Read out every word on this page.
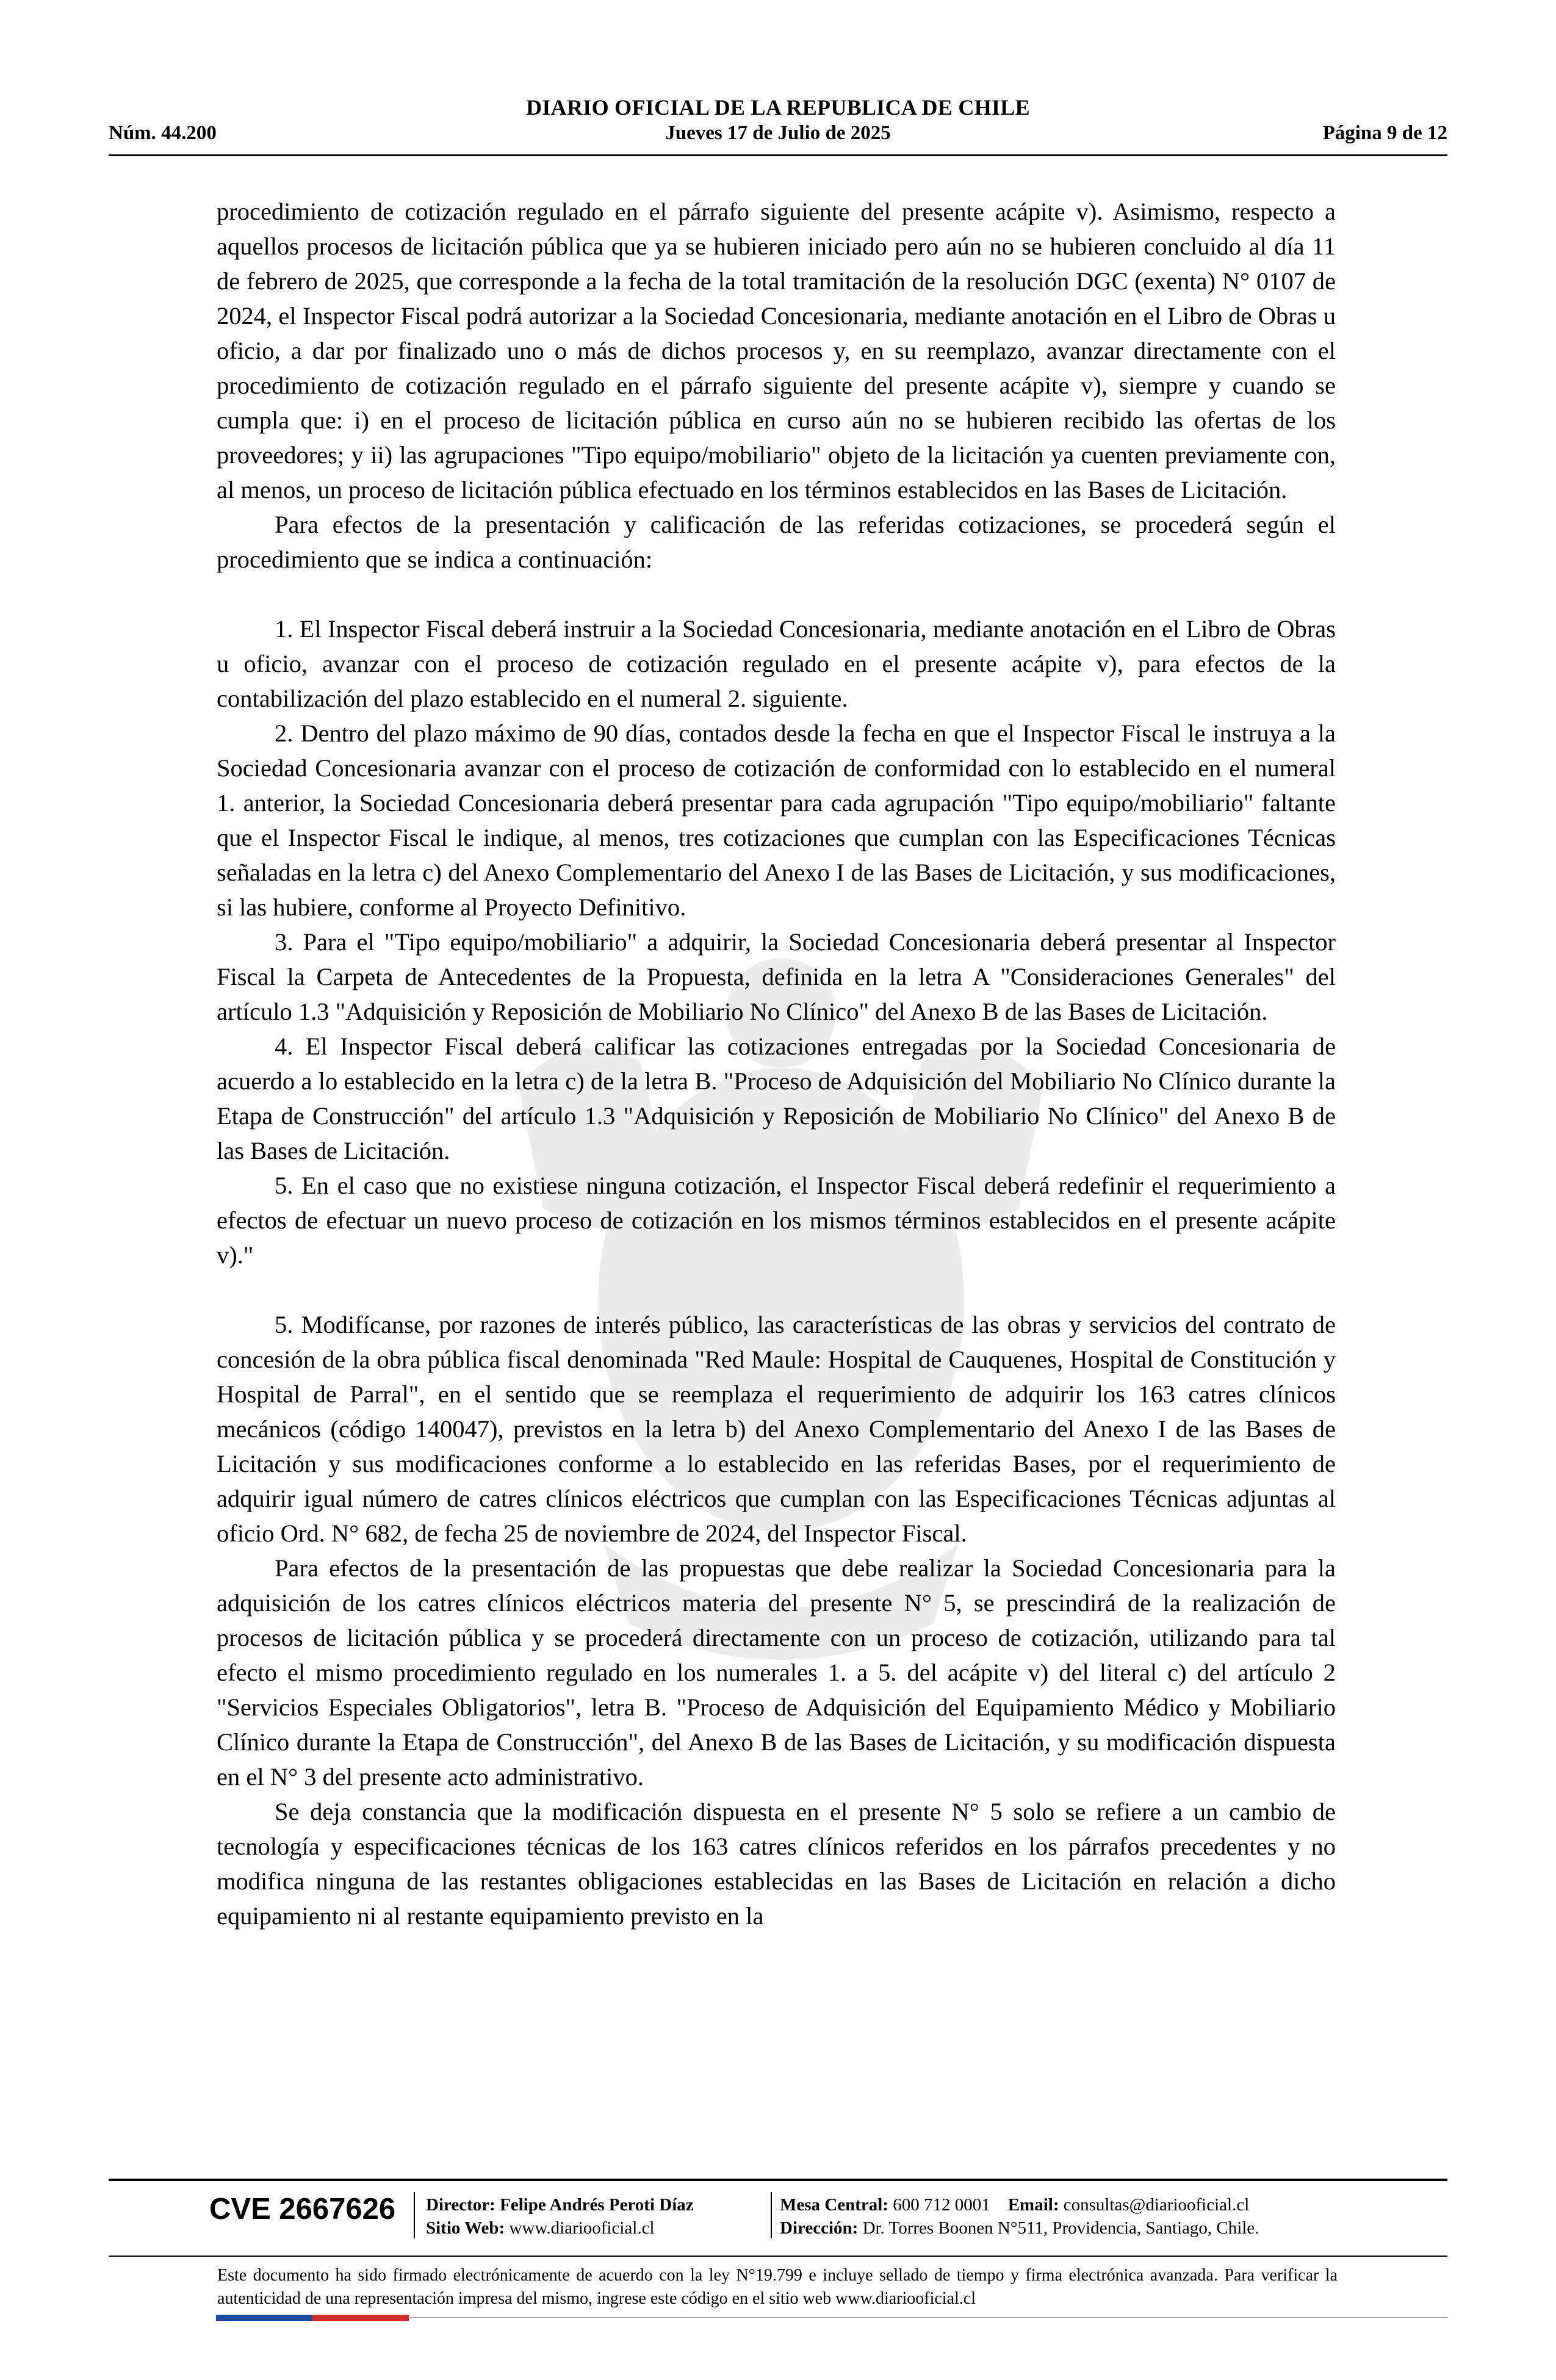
DIARIO OFICIAL DE LA REPUBLICA DE CHILE
Núm. 44.200	Jueves 17 de Julio de 2025	Página 9 de 12

procedimiento de cotización regulado en el párrafo siguiente del presente acápite v). Asimismo, respecto a aquellos procesos de licitación pública que ya se hubieren iniciado pero aún no se hubieren concluido al día 11 de febrero de 2025, que corresponde a la fecha de la total tramitación de la resolución DGC (exenta) N° 0107 de 2024, el Inspector Fiscal podrá autorizar a la Sociedad Concesionaria, mediante anotación en el Libro de Obras u oficio, a dar por finalizado uno o más de dichos procesos y, en su reemplazo, avanzar directamente con el procedimiento de cotización regulado en el párrafo siguiente del presente acápite v), siempre y cuando se cumpla que: i) en el proceso de licitación pública en curso aún no se hubieren recibido las ofertas de los proveedores; y ii) las agrupaciones "Tipo equipo/mobiliario" objeto de la licitación ya cuenten previamente con, al menos, un proceso de licitación pública efectuado en los términos establecidos en las Bases de Licitación.

Para efectos de la presentación y calificación de las referidas cotizaciones, se procederá según el procedimiento que se indica a continuación:

1. El Inspector Fiscal deberá instruir a la Sociedad Concesionaria, mediante anotación en el Libro de Obras u oficio, avanzar con el proceso de cotización regulado en el presente acápite v), para efectos de la contabilización del plazo establecido en el numeral 2. siguiente.

2. Dentro del plazo máximo de 90 días, contados desde la fecha en que el Inspector Fiscal le instruya a la Sociedad Concesionaria avanzar con el proceso de cotización de conformidad con lo establecido en el numeral 1. anterior, la Sociedad Concesionaria deberá presentar para cada agrupación "Tipo equipo/mobiliario" faltante que el Inspector Fiscal le indique, al menos, tres cotizaciones que cumplan con las Especificaciones Técnicas señaladas en la letra c) del Anexo Complementario del Anexo I de las Bases de Licitación, y sus modificaciones, si las hubiere, conforme al Proyecto Definitivo.

3. Para el "Tipo equipo/mobiliario" a adquirir, la Sociedad Concesionaria deberá presentar al Inspector Fiscal la Carpeta de Antecedentes de la Propuesta, definida en la letra A "Consideraciones Generales" del artículo 1.3 "Adquisición y Reposición de Mobiliario No Clínico" del Anexo B de las Bases de Licitación.

4. El Inspector Fiscal deberá calificar las cotizaciones entregadas por la Sociedad Concesionaria de acuerdo a lo establecido en la letra c) de la letra B. "Proceso de Adquisición del Mobiliario No Clínico durante la Etapa de Construcción" del artículo 1.3 "Adquisición y Reposición de Mobiliario No Clínico" del Anexo B de las Bases de Licitación.

5. En el caso que no existiese ninguna cotización, el Inspector Fiscal deberá redefinir el requerimiento a efectos de efectuar un nuevo proceso de cotización en los mismos términos establecidos en el presente acápite v)."

5. Modifícanse, por razones de interés público, las características de las obras y servicios del contrato de concesión de la obra pública fiscal denominada "Red Maule: Hospital de Cauquenes, Hospital de Constitución y Hospital de Parral", en el sentido que se reemplaza el requerimiento de adquirir los 163 catres clínicos mecánicos (código 140047), previstos en la letra b) del Anexo Complementario del Anexo I de las Bases de Licitación y sus modificaciones conforme a lo establecido en las referidas Bases, por el requerimiento de adquirir igual número de catres clínicos eléctricos que cumplan con las Especificaciones Técnicas adjuntas al oficio Ord. N° 682, de fecha 25 de noviembre de 2024, del Inspector Fiscal.

Para efectos de la presentación de las propuestas que debe realizar la Sociedad Concesionaria para la adquisición de los catres clínicos eléctricos materia del presente N° 5, se prescindirá de la realización de procesos de licitación pública y se procederá directamente con un proceso de cotización, utilizando para tal efecto el mismo procedimiento regulado en los numerales 1. a 5. del acápite v) del literal c) del artículo 2 "Servicios Especiales Obligatorios", letra B. "Proceso de Adquisición del Equipamiento Médico y Mobiliario Clínico durante la Etapa de Construcción", del Anexo B de las Bases de Licitación, y su modificación dispuesta en el N° 3 del presente acto administrativo.

Se deja constancia que la modificación dispuesta en el presente N° 5 solo se refiere a un cambio de tecnología y especificaciones técnicas de los 163 catres clínicos referidos en los párrafos precedentes y no modifica ninguna de las restantes obligaciones establecidas en las Bases de Licitación en relación a dicho equipamiento ni al restante equipamiento previsto en la

CVE 2667626 Director: Felipe Andrés Peroti Díaz
Sitio Web: www.diariooficial.cl
Mesa Central: 600 712 0001 Email: consultas@diariooficial.cl
Dirección: Dr. Torres Boonen N°511, Providencia, Santiago, Chile.
Este documento ha sido firmado electrónicamente de acuerdo con la ley N°19.799 e incluye sellado de tiempo y firma electrónica avanzada. Para verificar la autenticidad de una representación impresa del mismo, ingrese este código en el sitio web www.diariooficial.cl
